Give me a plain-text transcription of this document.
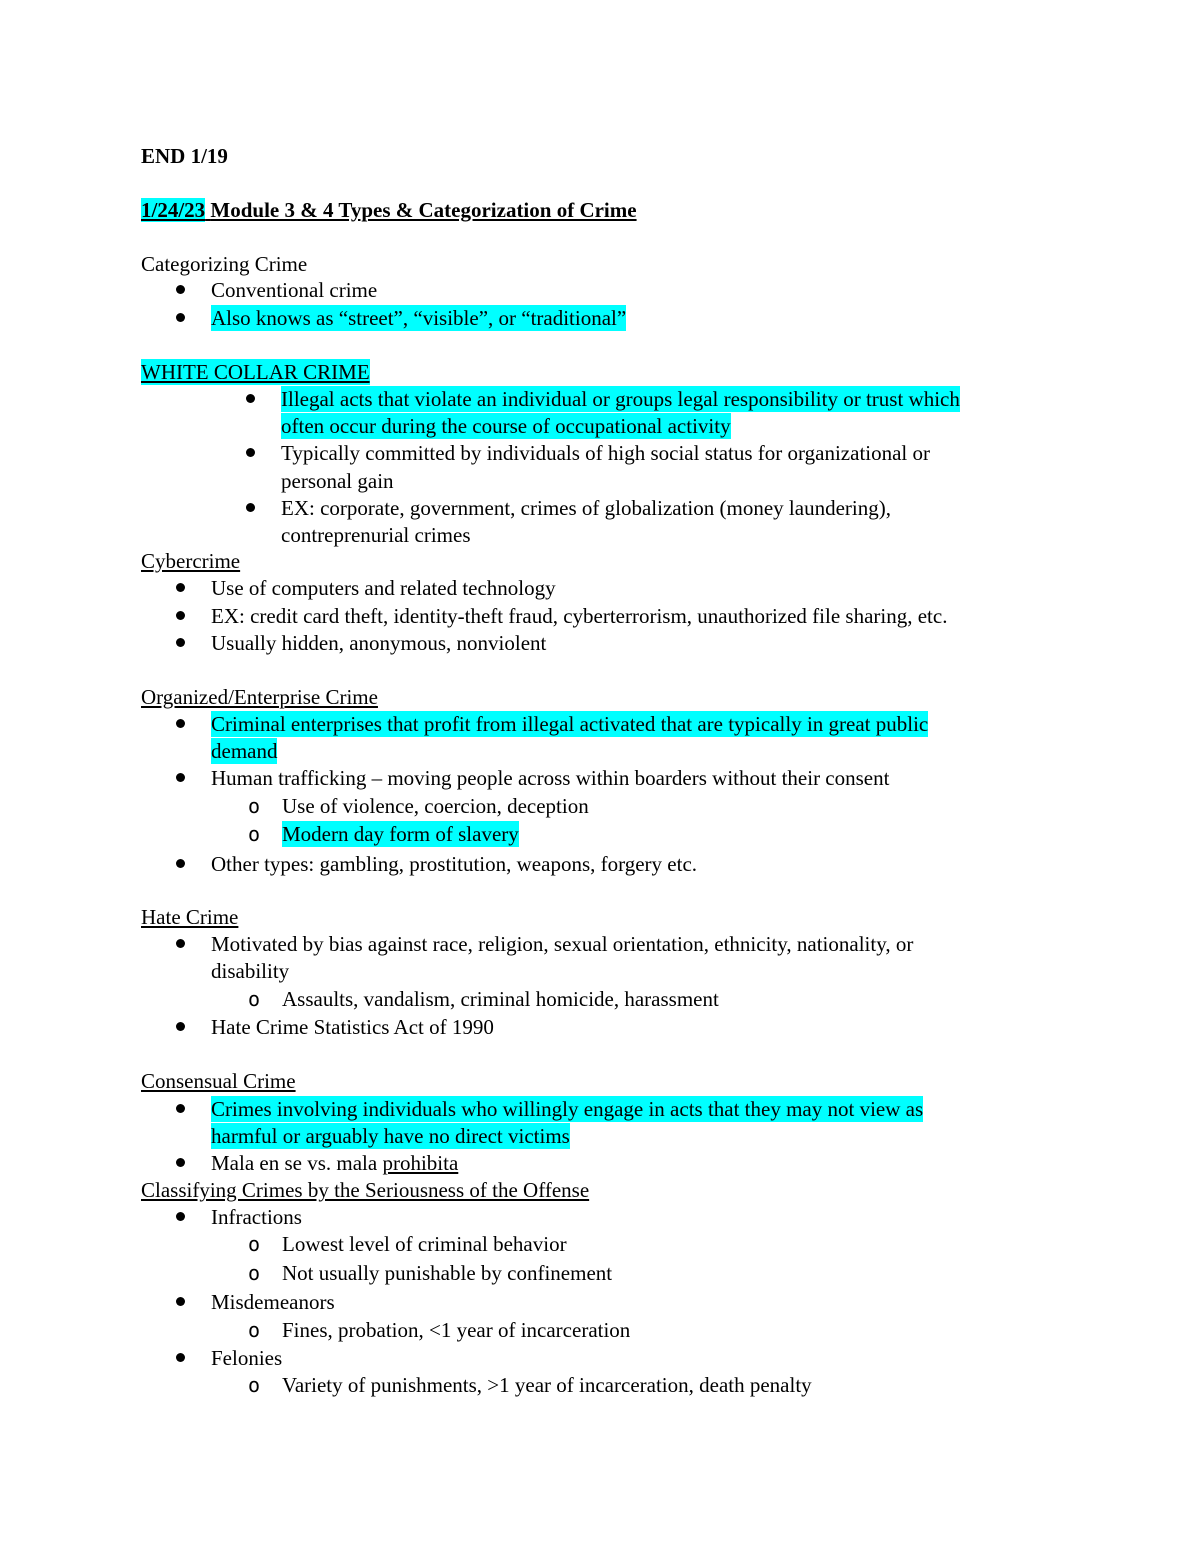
END 1/19
1/24/23 Module 3 & 4 Types & Categorization of Crime
Categorizing Crime
Conventional crime
Also knows as “street”, “visible”, or “traditional”
WHITE COLLAR CRIME
Illegal acts that violate an individual or groups legal responsibility or trust which
often occur during the course of occupational activity
Typically committed by individuals of high social status for organizational or
personal gain
EX: corporate, government, crimes of globalization (money laundering),
contreprenurial crimes
Cybercrime
Use of computers and related technology
EX: credit card theft, identity-theft fraud, cyberterrorism, unauthorized file sharing, etc.
Usually hidden, anonymous, nonviolent
Organized/Enterprise Crime
Criminal enterprises that profit from illegal activated that are typically in great public
demand
Human trafficking – moving people across within boarders without their consent
o Use of violence, coercion, deception
o Modern day form of slavery
Other types: gambling, prostitution, weapons, forgery etc.
Hate Crime
Motivated by bias against race, religion, sexual orientation, ethnicity, nationality, or
disability
o Assaults, vandalism, criminal homicide, harassment
Hate Crime Statistics Act of 1990
Consensual Crime
Crimes involving individuals who willingly engage in acts that they may not view as
harmful or arguably have no direct victims
Mala en se vs. mala prohibita
Classifying Crimes by the Seriousness of the Offense
Infractions
o Lowest level of criminal behavior
o Not usually punishable by confinement
Misdemeanors
o Fines, probation, <1 year of incarceration
Felonies
o Variety of punishments, >1 year of incarceration, death penalty
